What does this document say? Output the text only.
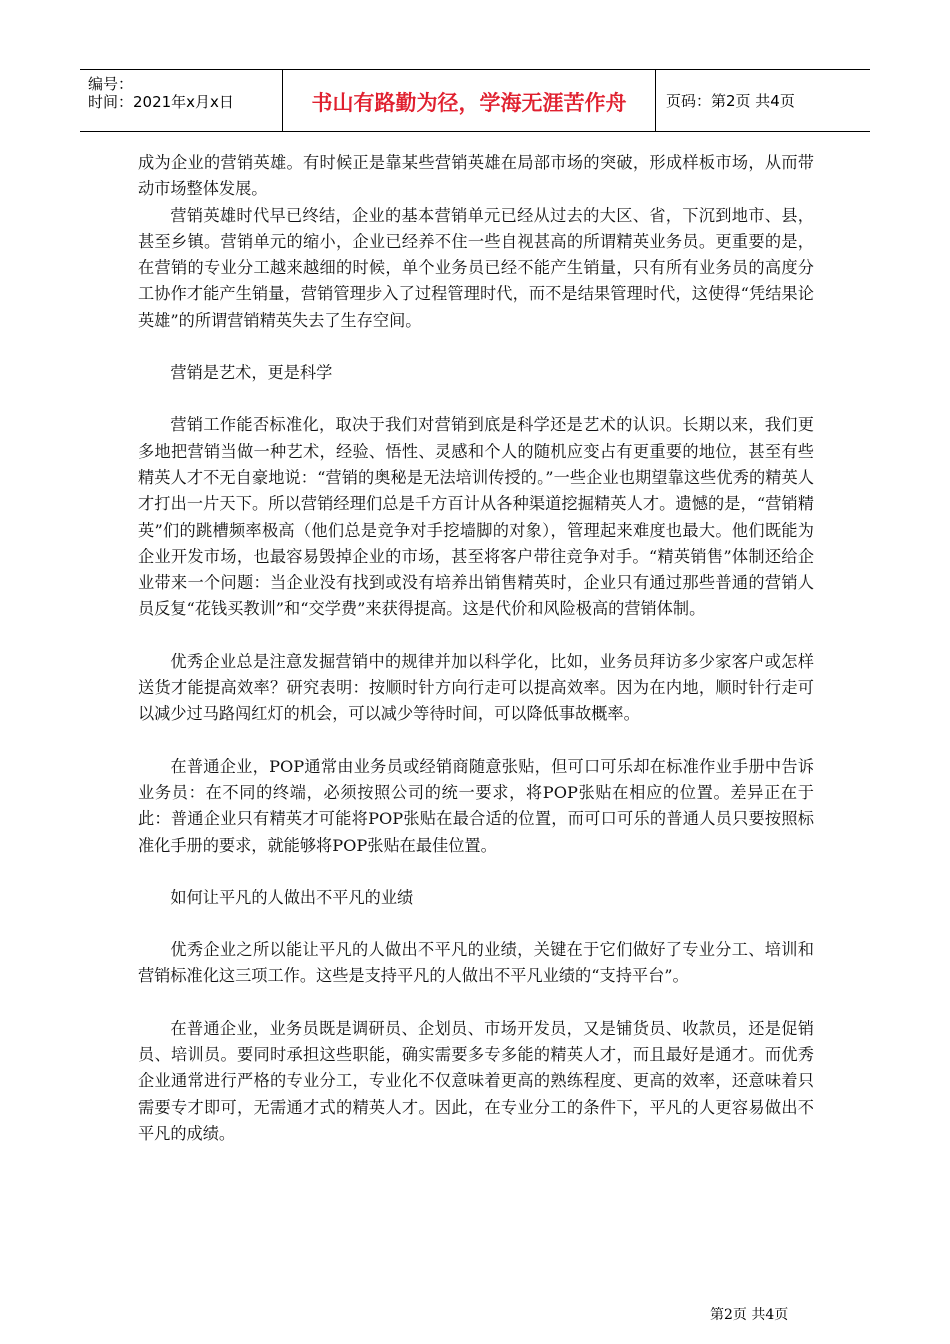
编号：
时间：2021年x月x日	书山有路勤为径，学海无涯苦作舟	页码：第2页 共4页

成为企业的营销英雄。有时候正是靠某些营销英雄在局部市场的突破，形成样板市场，从而带动市场整体发展。

营销英雄时代早已终结，企业的基本营销单元已经从过去的大区、省，下沉到地市、县，甚至乡镇。营销单元的缩小，企业已经养不住一些自视甚高的所谓精英业务员。更重要的是，在营销的专业分工越来越细的时候，单个业务员已经不能产生销量，只有所有业务员的高度分工协作才能产生销量，营销管理步入了过程管理时代，而不是结果管理时代，这使得“凭结果论英雄”的所谓营销精英失去了生存空间。

营销是艺术，更是科学

营销工作能否标准化，取决于我们对营销到底是科学还是艺术的认识。长期以来，我们更多地把营销当做一种艺术，经验、悟性、灵感和个人的随机应变占有更重要的地位，甚至有些精英人才不无自豪地说：“营销的奥秘是无法培训传授的。”一些企业也期望靠这些优秀的精英人才打出一片天下。所以营销经理们总是千方百计从各种渠道挖掘精英人才。遗憾的是，“营销精英”们的跳槽频率极高（他们总是竞争对手挖墙脚的对象），管理起来难度也最大。他们既能为企业开发市场，也最容易毁掉企业的市场，甚至将客户带往竞争对手。“精英销售”体制还给企业带来一个问题：当企业没有找到或没有培养出销售精英时，企业只有通过那些普通的营销人员反复“花钱买教训”和“交学费”来获得提高。这是代价和风险极高的营销体制。

优秀企业总是注意发掘营销中的规律并加以科学化，比如，业务员拜访多少家客户或怎样送货才能提高效率？研究表明：按顺时针方向行走可以提高效率。因为在内地，顺时针行走可以减少过马路闯红灯的机会，可以减少等待时间，可以降低事故概率。

在普通企业，POP通常由业务员或经销商随意张贴，但可口可乐却在标准作业手册中告诉业务员：在不同的终端，必须按照公司的统一要求，将POP张贴在相应的位置。差异正在于此：普通企业只有精英才可能将POP张贴在最合适的位置，而可口可乐的普通人员只要按照标准化手册的要求，就能够将POP张贴在最佳位置。

如何让平凡的人做出不平凡的业绩

优秀企业之所以能让平凡的人做出不平凡的业绩，关键在于它们做好了专业分工、培训和营销标准化这三项工作。这些是支持平凡的人做出不平凡业绩的“支持平台”。

在普通企业，业务员既是调研员、企划员、市场开发员，又是铺货员、收款员，还是促销员、培训员。要同时承担这些职能，确实需要多专多能的精英人才，而且最好是通才。而优秀企业通常进行严格的专业分工，专业化不仅意味着更高的熟练程度、更高的效率，还意味着只需要专才即可，无需通才式的精英人才。因此，在专业分工的条件下，平凡的人更容易做出不平凡的成绩。

第2页 共4页
